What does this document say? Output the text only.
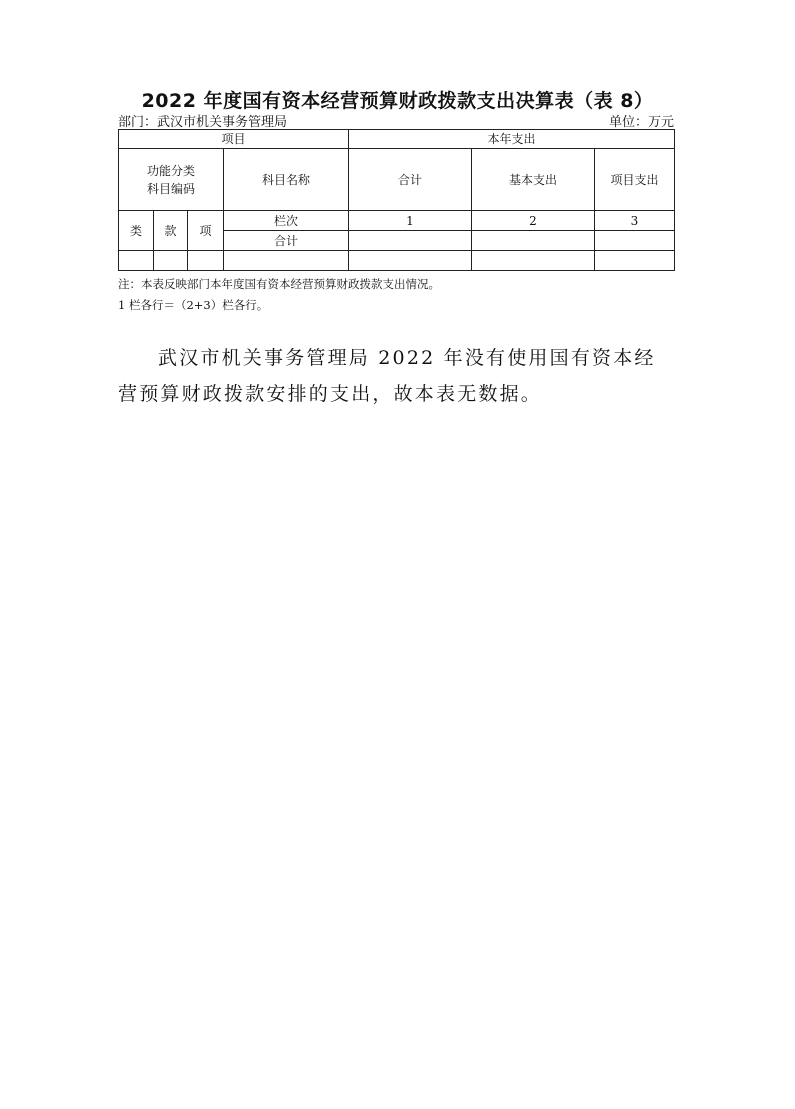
2022 年度国有资本经营预算财政拨款支出决算表（表 8）
部门：武汉市机关事务管理局	单位：万元
项目				本年支出		

功能分类
科目编码			科目名称	合计	基本支出	项目支出
类	款	项	栏次	1	2	3
			合计			

注：本表反映部门本年度国有资本经营预算财政拨款支出情况。
1 栏各行＝（2+3）栏各行。

武汉市机关事务管理局 2022 年没有使用国有资本经营预算财政拨款安排的支出，故本表无数据。
